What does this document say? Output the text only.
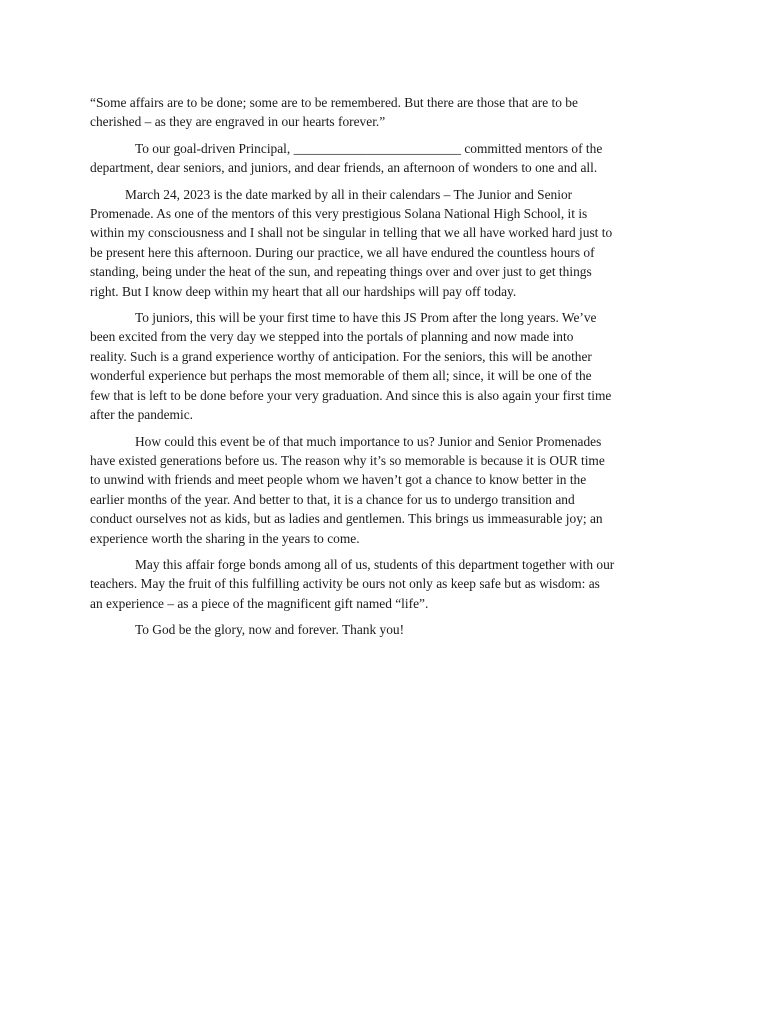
“Some affairs are to be done; some are to be remembered. But there are those that are to be
cherished – as they are engraved in our hearts forever.”

To our goal-driven Principal, _________________________ committed mentors of the
department, dear seniors, and juniors, and dear friends, an afternoon of wonders to one and all.

March 24, 2023 is the date marked by all in their calendars – The Junior and Senior
Promenade. As one of the mentors of this very prestigious Solana National High School, it is
within my consciousness and I shall not be singular in telling that we all have worked hard just to
be present here this afternoon. During our practice, we all have endured the countless hours of
standing, being under the heat of the sun, and repeating things over and over just to get things
right. But I know deep within my heart that all our hardships will pay off today.

To juniors, this will be your first time to have this JS Prom after the long years. We’ve
been excited from the very day we stepped into the portals of planning and now made into
reality. Such is a grand experience worthy of anticipation. For the seniors, this will be another
wonderful experience but perhaps the most memorable of them all; since, it will be one of the
few that is left to be done before your very graduation. And since this is also again your first time
after the pandemic.

How could this event be of that much importance to us? Junior and Senior Promenades
have existed generations before us. The reason why it’s so memorable is because it is OUR time
to unwind with friends and meet people whom we haven’t got a chance to know better in the
earlier months of the year. And better to that, it is a chance for us to undergo transition and
conduct ourselves not as kids, but as ladies and gentlemen. This brings us immeasurable joy; an
experience worth the sharing in the years to come.

May this affair forge bonds among all of us, students of this department together with our
teachers. May the fruit of this fulfilling activity be ours not only as keep safe but as wisdom: as
an experience – as a piece of the magnificent gift named “life”.

To God be the glory, now and forever. Thank you!
